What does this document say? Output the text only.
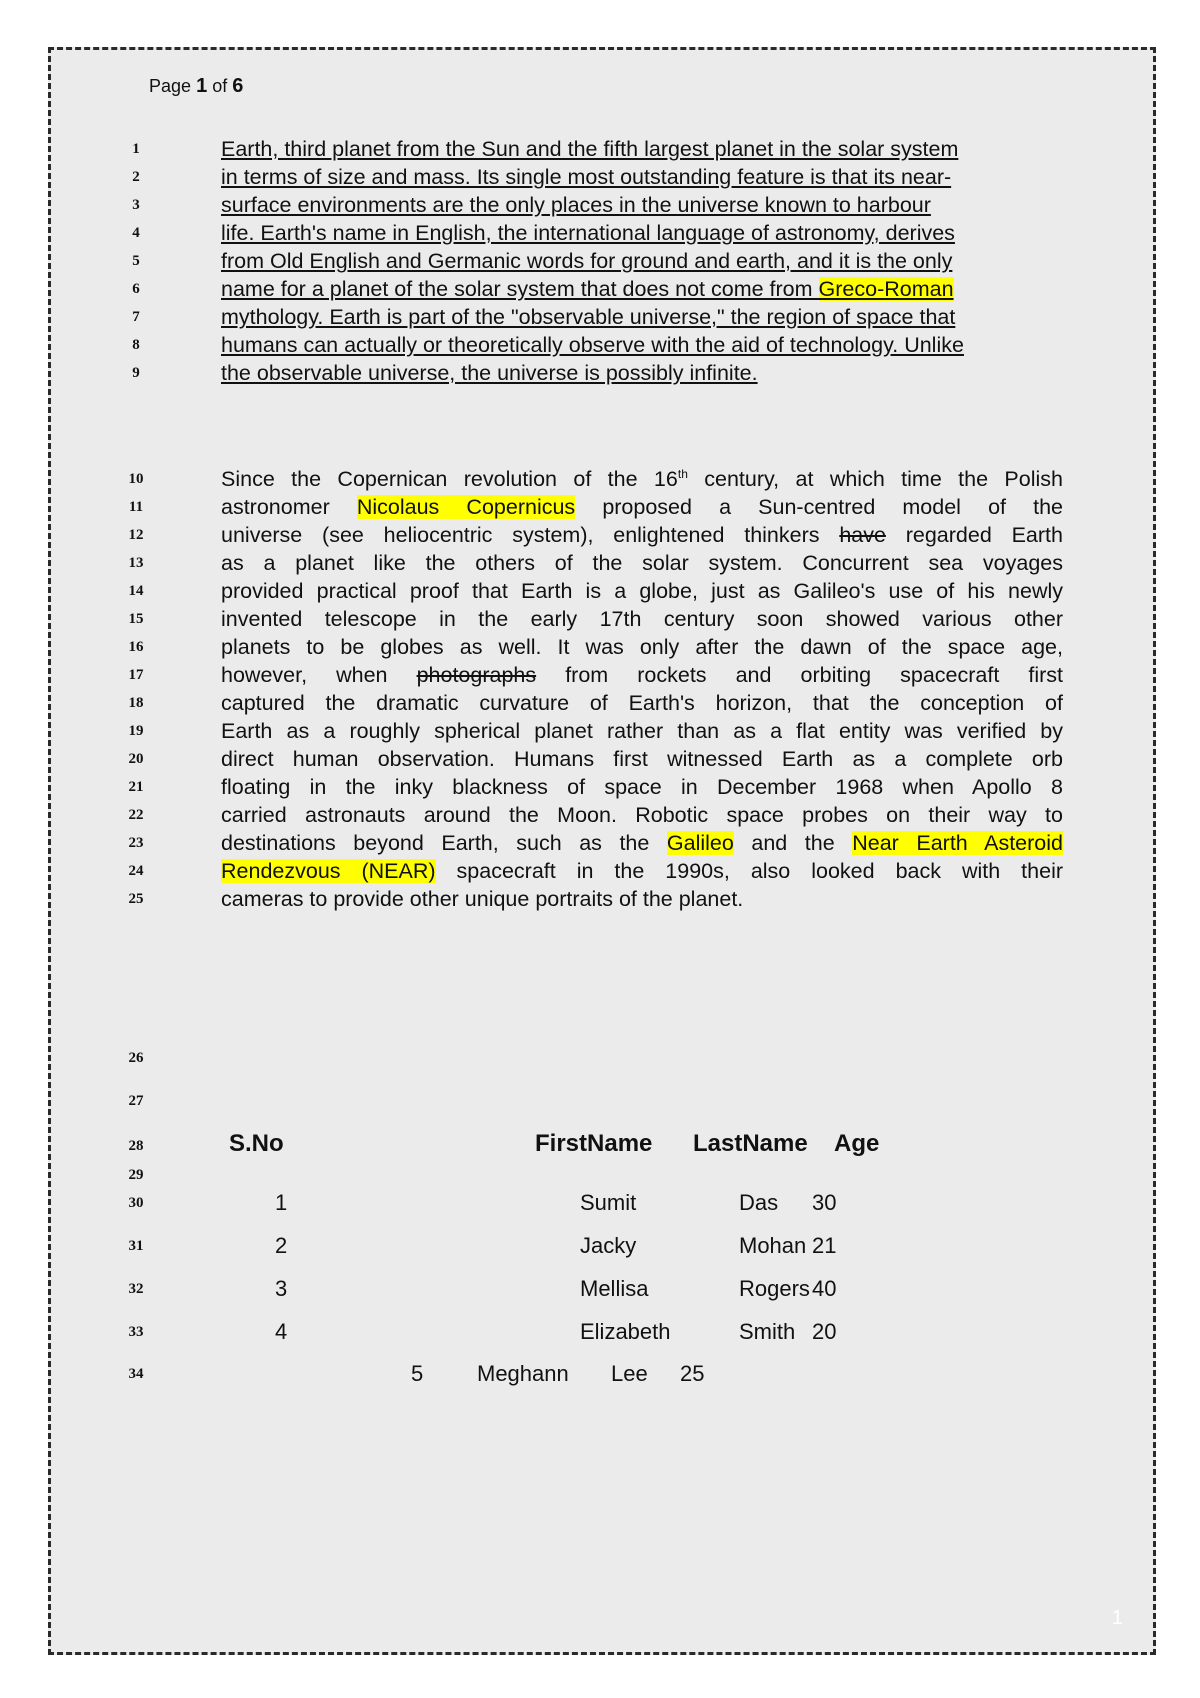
Page 1 of 6
1
2
3
4
5
6
7
8
9
10
11
12
13
14
15
16
17
18
19
20
21
22
23
24
25
26
27
28
29
30
31
32
33
34
Earth, third planet from the Sun and the fifth largest planet in the solar system
in terms of size and mass. Its single most outstanding feature is that its near-
surface environments are the only places in the universe known to harbour
life. Earth's name in English, the international language of astronomy, derives
from Old English and Germanic words for ground and earth, and it is the only
name for a planet of the solar system that does not come from Greco-Roman
mythology. Earth is part of the "observable universe," the region of space that
humans can actually or theoretically observe with the aid of technology. Unlike
the observable universe, the universe is possibly infinite.
Since the Copernican revolution of the 16th century, at which time the Polish
astronomer Nicolaus Copernicus proposed a Sun-centred model of the
universe (see heliocentric system), enlightened thinkers have regarded Earth
as a planet like the others of the solar system. Concurrent sea voyages
provided practical proof that Earth is a globe, just as Galileo's use of his newly
invented telescope in the early 17th century soon showed various other
planets to be globes as well. It was only after the dawn of the space age,
however, when photographs from rockets and orbiting spacecraft first
captured the dramatic curvature of Earth's horizon, that the conception of
Earth as a roughly spherical planet rather than as a flat entity was verified by
direct human observation. Humans first witnessed Earth as a complete orb
floating in the inky blackness of space in December 1968 when Apollo 8
carried astronauts around the Moon. Robotic space probes on their way to
destinations beyond Earth, such as the Galileo and the Near Earth Asteroid
Rendezvous (NEAR) spacecraft in the 1990s, also looked back with their
cameras to provide other unique portraits of the planet.
S.No	FirstName LastName Age
1	Sumit	Das 30
2	Jacky	Mohan 21
3	Mellisa	Rogers 40
4	Elizabeth	Smith 20
5 Meghann Lee 25
1
